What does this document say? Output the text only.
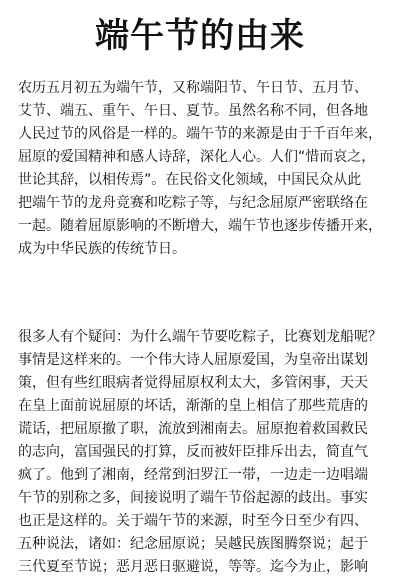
端午节的由来
农历五月初五为端午节，又称端阳节、午日节、五月节、
艾节、端五、重午、午日、夏节。虽然名称不同，但各地
人民过节的风俗是一样的。端午节的来源是由于千百年来，
屈原的爱国精神和感人诗辞，深化人心。人们“惜而哀之，
世论其辞，以相传焉”。在民俗文化领域，中国民众从此
把端午节的龙舟竞赛和吃粽子等，与纪念屈原严密联络在
一起。随着屈原影响的不断增大，端午节也逐步传播开来，
成为中华民族的传统节日。
很多人有个疑问：为什么端午节要吃粽子，比赛划龙船呢？
事情是这样来的。一个伟大诗人屈原爱国，为皇帝出谋划
策，但有些红眼病者觉得屈原权利太大，多管闲事，天天
在皇上面前说屈原的坏话，渐渐的皇上相信了那些荒唐的
谎话，把屈原撤了职，流放到湘南去。屈原抱着救国救民
的志向，富国强民的打算，反而被奸臣排斥出去，简直气
疯了。他到了湘南，经常到汩罗江一带，一边走一边唱端
午节的别称之多，间接说明了端午节俗起源的歧出。事实
也正是这样的。关于端午节的来源，时至今日至少有四、
五种说法，诸如：纪念屈原说；吴越民族图腾祭说；起于
三代夏至节说；恶月恶日驱避说，等等。迄今为止，影响
